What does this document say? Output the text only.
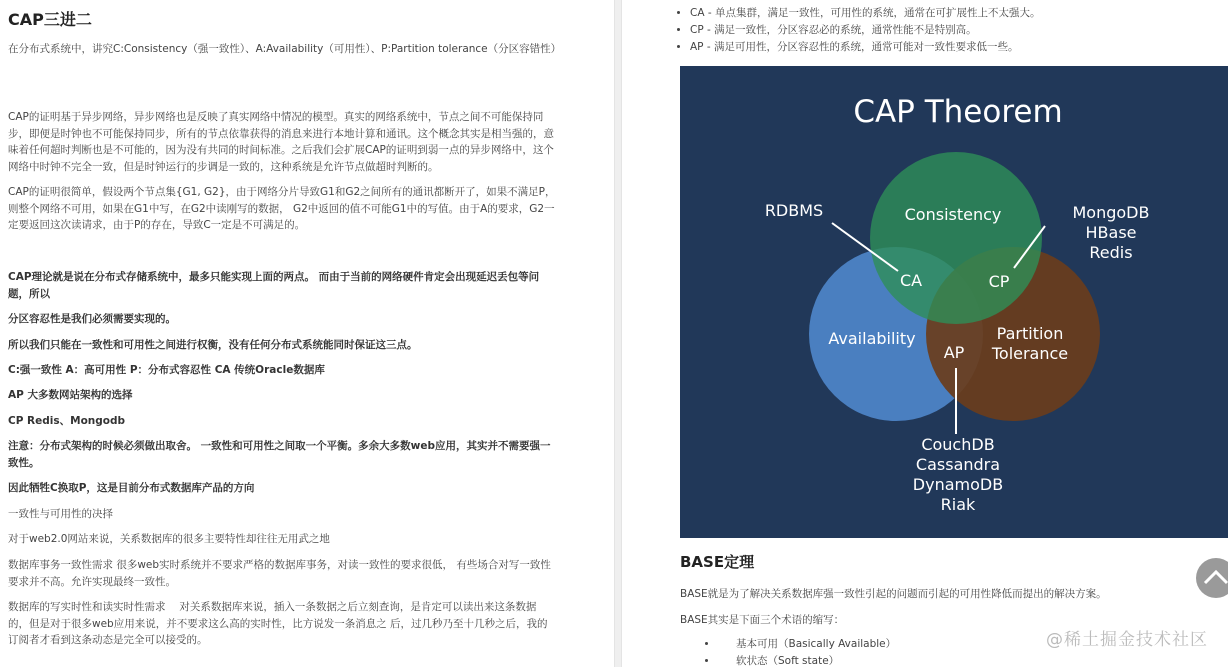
CAP三进二

在分布式系统中，讲究C:Consistency（强一致性）、A:Availability（可用性）、P:Partition tolerance（分区容错性）

CAP的证明基于异步网络，异步网络也是反映了真实网络中情况的模型。真实的网络系统中，节点之间不可能保持同步，即便是时钟也不可能保持同步，所有的节点依靠获得的消息来进行本地计算和通讯。这个概念其实是相当强的，意味着任何超时判断也是不可能的，因为没有共同的时间标准。之后我们会扩展CAP的证明到弱一点的异步网络中，这个网络中时钟不完全一致，但是时钟运行的步调是一致的，这种系统是允许节点做超时判断的。

CAP的证明很简单，假设两个节点集{G1, G2}，由于网络分片导致G1和G2之间所有的通讯都断开了，如果不满足P，则整个网络不可用，如果在G1中写，在G2中读刚写的数据， G2中返回的值不可能G1中的写值。由于A的要求，G2一定要返回这次读请求，由于P的存在，导致C一定是不可满足的。

CAP理论就是说在分布式存储系统中，最多只能实现上面的两点。 而由于当前的网络硬件肯定会出现延迟丢包等问题，所以

分区容忍性是我们必须需要实现的。

所以我们只能在一致性和可用性之间进行权衡，没有任何分布式系统能同时保证这三点。

C:强一致性 A：高可用性 P：分布式容忍性 CA 传统Oracle数据库

AP 大多数网站架构的选择

CP Redis、Mongodb

注意：分布式架构的时候必须做出取舍。 一致性和可用性之间取一个平衡。多余大多数web应用，其实并不需要强一致性。

因此牺牲C换取P，这是目前分布式数据库产品的方向

一致性与可用性的决择

对于web2.0网站来说，关系数据库的很多主要特性却往往无用武之地

数据库事务一致性需求 很多web实时系统并不要求严格的数据库事务，对读一致性的要求很低， 有些场合对写一致性要求并不高。允许实现最终一致性。

数据库的写实时性和读实时性需求　 对关系数据库来说，插入一条数据之后立刻查询，是肯定可以读出来这条数据的，但是对于很多web应用来说，并不要求这么高的实时性，比方说发一条消息之 后，过几秒乃至十几秒之后，我的订阅者才看到这条动态是完全可以接受的。

• CA - 单点集群，满足一致性，可用性的系统，通常在可扩展性上不太强大。
• CP - 满足一致性，分区容忍必的系统，通常性能不是特别高。
• AP - 满足可用性，分区容忍性的系统，通常可能对一致性要求低一些。
CAP Theorem
Consistency
Availability	Partition
Tolerance
CA	CP
AP
RDBMS	MongoDB
HBase
Redis
CouchDB
Cassandra
DynamoDB
Riak
BASE定理

BASE就是为了解决关系数据库强一致性引起的问题而引起的可用性降低而提出的解决方案。

BASE其实是下面三个术语的缩写：

• 基本可用（Basically Available）
• 软状态（Soft state）
@稀土掘金技术社区
